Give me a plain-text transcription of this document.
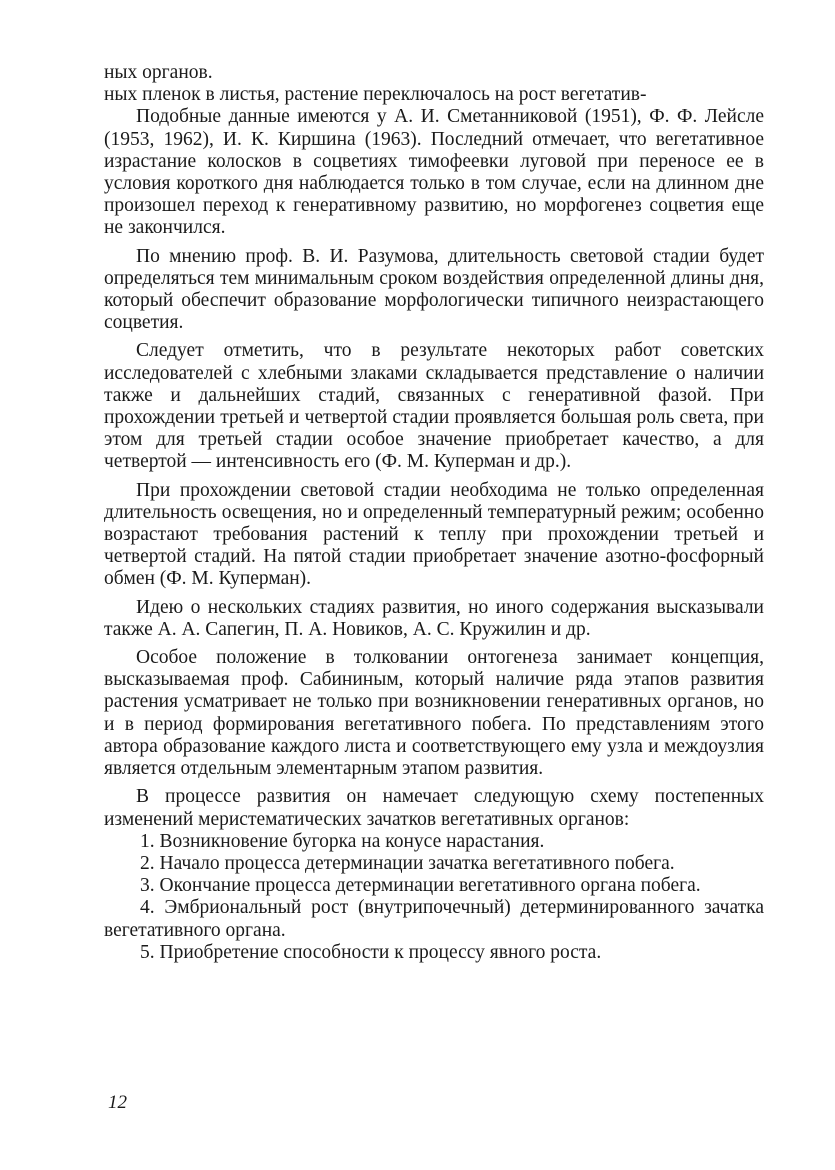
ных органов.

ных пленок в листья, растение переключалось на рост вегетатив-

Подобные данные имеются у А. И. Сметанниковой (1951), Ф. Ф. Лейсле (1953, 1962), И. К. Киршина (1963). Последний отмечает, что вегетативное израстание колосков в соцветиях тимофеевки луговой при переносе ее в условия короткого дня наблюдается только в том случае, если на длинном дне произошел переход к генеративному развитию, но морфогенез соцветия еще не закончился.

По мнению проф. В. И. Разумова, длительность световой стадии будет определяться тем минимальным сроком воздействия определенной длины дня, который обеспечит образование морфологически типичного неизрастающего соцветия.

Следует отметить, что в результате некоторых работ советских исследователей с хлебными злаками складывается представление о наличии также и дальнейших стадий, связанных с генеративной фазой. При прохождении третьей и четвертой стадии проявляется большая роль света, при этом для третьей стадии особое значение приобретает качество, а для четвертой — интенсивность его (Ф. М. Куперман и др.).

При прохождении световой стадии необходима не только определенная длительность освещения, но и определенный температурный режим; особенно возрастают требования растений к теплу при прохождении третьей и четвертой стадий. На пятой стадии приобретает значение азотно-фосфорный обмен (Ф. М. Куперман).

Идею о нескольких стадиях развития, но иного содержания высказывали также А. А. Сапегин, П. А. Новиков, А. С. Кружилин и др.

Особое положение в толковании онтогенеза занимает концепция, высказываемая проф. Сабининым, который наличие ряда этапов развития растения усматривает не только при возникновении генеративных органов, но и в период формирования вегетативного побега. По представлениям этого автора образование каждого листа и соответствующего ему узла и междоузлия является отдельным элементарным этапом развития.

В процессе развития он намечает следующую схему постепенных изменений меристематических зачатков вегетативных органов:

1. Возникновение бугорка на конусе нарастания.

2. Начало процесса детерминации зачатка вегетативного побега.

3. Окончание процесса детерминации вегетативного органа побега.

4. Эмбриональный рост (внутрипочечный) детерминированного зачатка вегетативного органа.

5. Приобретение способности к процессу явного роста.

12
